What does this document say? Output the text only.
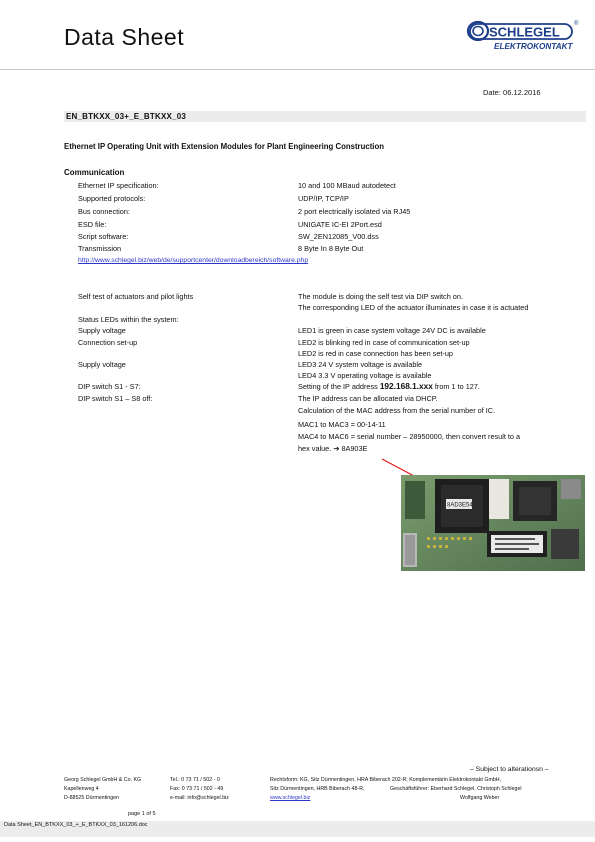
Data Sheet	SCHLEGEL
®
ELEKTROKONTAKT
Date: 06.12.2016
EN_BTKXX_03+_E_BTKXX_03
Ethernet IP Operating Unit with Extension Modules for Plant Engineering Construction
Communication
Ethernet IP specification:	10 and 100 MBaud autodetect
Supported protocols:	UDP/IP, TCP/IP
Bus connection:	2 port electrically isolated via RJ45
ESD file:	UNIGATE IC-EI 2Port.esd
Script software:	SW_2EN12085_V00.dss
Transmission	8 Byte In 8 Byte Out
http://www.schlegel.biz/web/de/supportcenter/downloadbereich/software.php
Self test of actuators and pilot lights	The module is doing the self test via DIP switch on.
The corresponding LED of the actuator illuminates in case it is actuated
Status LEDs within the system:
Supply voltage	LED1 is green in case system voltage 24V DC is available
Connection set-up	LED2 is blinking red in case of communication set-up
LED2 is red in case connection has been set-up
Supply voltage	LED3 24 V system voltage is available
LED4 3.3 V operating voltage is available
DIP switch S1 - S7:	Setting of the IP address 192.168.1.xxx from 1 to 127.
DIP switch S1 – S8 off:	The IP address can be allocated via DHCP.
Calculation of the MAC address from the serial number of IC.
MAC1 to MAC3 = 00-14-11
MAC4 to MAC6 = serial number – 28950000, then convert result to a
hex value. ➔ 8A903E
8AD3E54
– Subject to alterationsn –
Georg Schlegel GmbH & Co. KG
Kapellenweg 4
D-88525 Dürmentingen
Tel.: 0 73 71 / 502 - 0
Fax: 0 73 71 / 502 - 49
e-mail: info@schlegel.biz
Rechtsform: KG, Sitz Dürmentingen, HRA Biberach 202-R; Komplementärin Elektrokontakt GmbH,
Sitz Dürmentingen, HRB Biberach 48-R,
www.schlegel.biz
Geschäftsführer: Eberhard Schlegel, Christoph Schlegel
Wolfgang Weber
page 1 of 5
Data Sheet_EN_BTKXX_03_+_E_BTKXX_03_161206.doc
